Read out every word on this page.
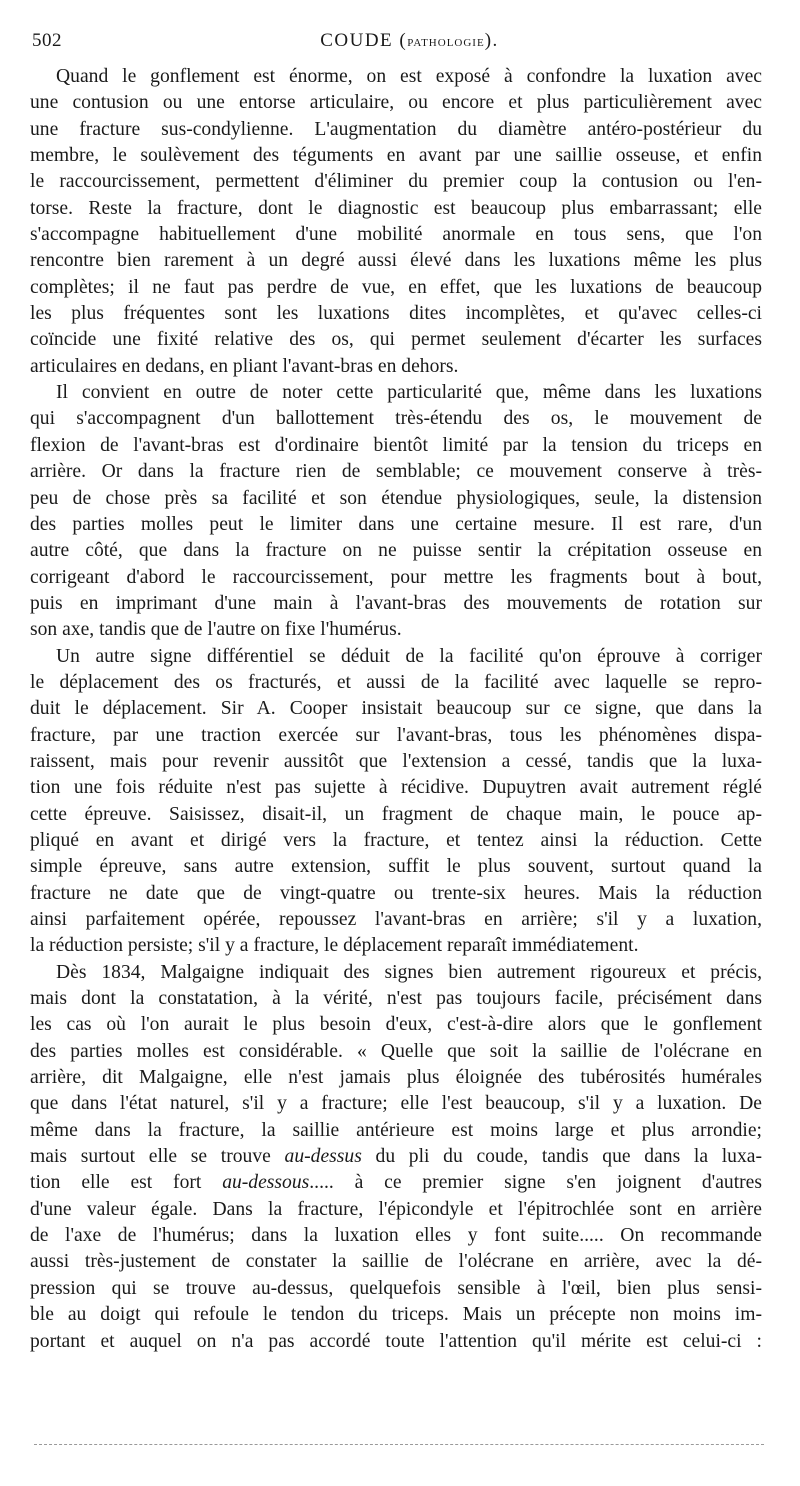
502	COUDE (pathologie).
Quand le gonflement est énorme, on est exposé à confondre la luxation avec
une contusion ou une entorse articulaire, ou encore et plus particulièrement avec
une fracture sus-condylienne. L'augmentation du diamètre antéro-postérieur du
membre, le soulèvement des téguments en avant par une saillie osseuse, et enfin
le raccourcissement, permettent d'éliminer du premier coup la contusion ou l'en-
torse. Reste la fracture, dont le diagnostic est beaucoup plus embarrassant; elle
s'accompagne habituellement d'une mobilité anormale en tous sens, que l'on
rencontre bien rarement à un degré aussi élevé dans les luxations même les plus
complètes; il ne faut pas perdre de vue, en effet, que les luxations de beaucoup
les plus fréquentes sont les luxations dites incomplètes, et qu'avec celles-ci
coïncide une fixité relative des os, qui permet seulement d'écarter les surfaces
articulaires en dedans, en pliant l'avant-bras en dehors.
Il convient en outre de noter cette particularité que, même dans les luxations
qui s'accompagnent d'un ballottement très-étendu des os, le mouvement de
flexion de l'avant-bras est d'ordinaire bientôt limité par la tension du triceps en
arrière. Or dans la fracture rien de semblable; ce mouvement conserve à très-
peu de chose près sa facilité et son étendue physiologiques, seule, la distension
des parties molles peut le limiter dans une certaine mesure. Il est rare, d'un
autre côté, que dans la fracture on ne puisse sentir la crépitation osseuse en
corrigeant d'abord le raccourcissement, pour mettre les fragments bout à bout,
puis en imprimant d'une main à l'avant-bras des mouvements de rotation sur
son axe, tandis que de l'autre on fixe l'humérus.
Un autre signe différentiel se déduit de la facilité qu'on éprouve à corriger
le déplacement des os fracturés, et aussi de la facilité avec laquelle se repro-
duit le déplacement. Sir A. Cooper insistait beaucoup sur ce signe, que dans la
fracture, par une traction exercée sur l'avant-bras, tous les phénomènes dispa-
raissent, mais pour revenir aussitôt que l'extension a cessé, tandis que la luxa-
tion une fois réduite n'est pas sujette à récidive. Dupuytren avait autrement réglé
cette épreuve. Saisissez, disait-il, un fragment de chaque main, le pouce ap-
pliqué en avant et dirigé vers la fracture, et tentez ainsi la réduction. Cette
simple épreuve, sans autre extension, suffit le plus souvent, surtout quand la
fracture ne date que de vingt-quatre ou trente-six heures. Mais la réduction
ainsi parfaitement opérée, repoussez l'avant-bras en arrière; s'il y a luxation,
la réduction persiste; s'il y a fracture, le déplacement reparaît immédiatement.
Dès 1834, Malgaigne indiquait des signes bien autrement rigoureux et précis,
mais dont la constatation, à la vérité, n'est pas toujours facile, précisément dans
les cas où l'on aurait le plus besoin d'eux, c'est-à-dire alors que le gonflement
des parties molles est considérable. « Quelle que soit la saillie de l'olécrane en
arrière, dit Malgaigne, elle n'est jamais plus éloignée des tubérosités humérales
que dans l'état naturel, s'il y a fracture; elle l'est beaucoup, s'il y a luxation. De
même dans la fracture, la saillie antérieure est moins large et plus arrondie;
mais surtout elle se trouve au-dessus du pli du coude, tandis que dans la luxa-
tion elle est fort au-dessous..... à ce premier signe s'en joignent d'autres
d'une valeur égale. Dans la fracture, l'épicondyle et l'épitrochlée sont en arrière
de l'axe de l'humérus; dans la luxation elles y font suite..... On recommande
aussi très-justement de constater la saillie de l'olécrane en arrière, avec la dé-
pression qui se trouve au-dessus, quelquefois sensible à l'œil, bien plus sensi-
ble au doigt qui refoule le tendon du triceps. Mais un précepte non moins im-
portant et auquel on n'a pas accordé toute l'attention qu'il mérite est celui-ci :
